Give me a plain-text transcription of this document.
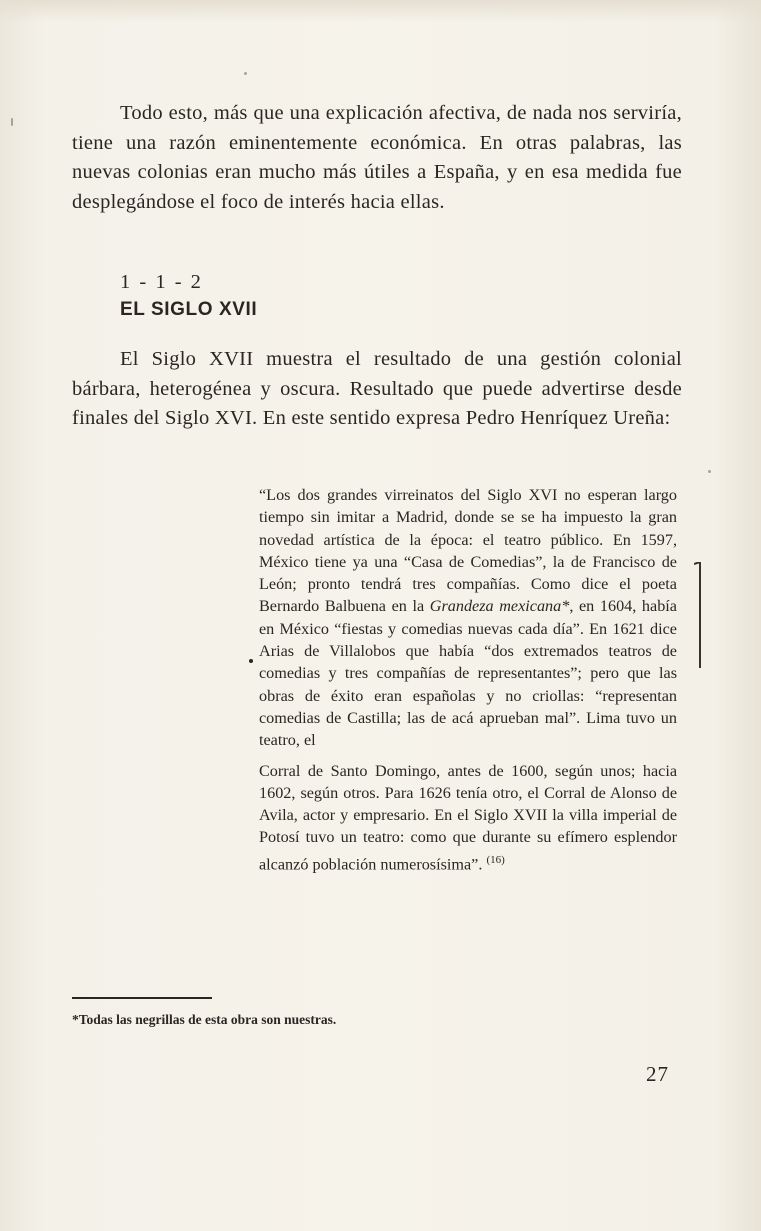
Todo esto, más que una explicación afectiva, de nada nos serviría, tiene una razón eminentemente económica. En otras palabras, las nuevas colonias eran mucho más útiles a España, y en esa medida fue desplegándose el foco de interés hacia ellas.

1 - 1 - 2
EL SIGLO XVII

El Siglo XVII muestra el resultado de una gestión colonial bárbara, heterogénea y oscura. Resultado que puede advertirse desde finales del Siglo XVI. En este sentido expresa Pedro Henríquez Ureña:

“Los dos grandes virreinatos del Siglo XVI no esperan largo tiempo sin imitar a Madrid, donde se se ha impuesto la gran novedad artística de la época: el teatro público. En 1597, México tiene ya una “Casa de Comedias”, la de Francisco de León; pronto tendrá tres compañías. Como dice el poeta Bernardo Balbuena en la Grandeza mexicana*, en 1604, había en México “fiestas y comedias nuevas cada día”. En 1621 dice Arias de Villalobos que había “dos extremados teatros de comedias y tres compañías de representantes”; pero que las obras de éxito eran españolas y no criollas: “representan comedias de Castilla; las de acá aprueban mal”. Lima tuvo un teatro, el
Corral de Santo Domingo, antes de 1600, según unos; hacia 1602, según otros. Para 1626 tenía otro, el Corral de Alonso de Avila, actor y empresario. En el Siglo XVII la villa imperial de Potosí tuvo un teatro: como que durante su efímero esplendor alcanzó población numerosísima”. $^{(16)}$
*Todas las negrillas de esta obra son nuestras.
27
